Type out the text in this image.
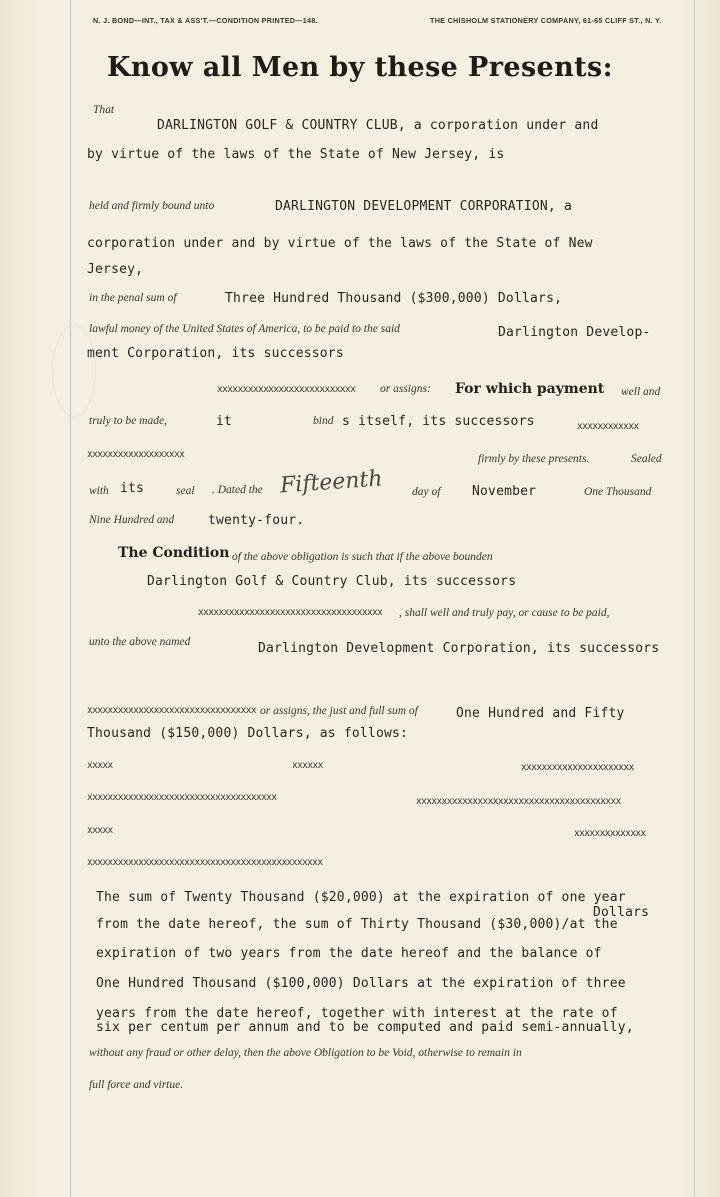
N. J. BOND—INT., TAX & ASS'T.—CONDITION PRINTED—148.	THE CHISHOLM STATIONERY COMPANY, 61-65 CLIFF ST., N. Y.
Know all Men by these Presents:
That
DARLINGTON GOLF & COUNTRY CLUB, a corporation under and
by virtue of the laws of the State of New Jersey, is
held and firmly bound unto	DARLINGTON DEVELOPMENT CORPORATION, a
corporation under and by virtue of the laws of the State of New
Jersey,
in the penal sum of	Three Hundred Thousand ($300,000) Dollars,
lawful money of the United States of America, to be paid to the said	Darlington Develop-
ment Corporation, its successors
xxxxxxxxxxxxxxxxxxxxxxxxxxx	or assigns: For which payment well and
truly to be made,	it	bind s itself, its successors	xxxxxxxxxxxx
xxxxxxxxxxxxxxxxxxx	firmly by these presents.	Sealed
with its	seal . Dated the Fifteenth day of November	One Thousand
Nine Hundred and	twenty-four.
The Condition of the above obligation is such that if the above bounden
Darlington Golf & Country Club, its successors
xxxxxxxxxxxxxxxxxxxxxxxxxxxxxxxxxxxx	, shall well and truly pay, or cause to be paid,
unto the above named	Darlington Development Corporation, its successors
xxxxxxxxxxxxxxxxxxxxxxxxxxxxxxxxx or assigns, the just and full sum of	One Hundred and Fifty
Thousand ($150,000) Dollars, as follows:
xxxxx	xxxxxx	xxxxxxxxxxxxxxxxxxxxxx
xxxxxxxxxxxxxxxxxxxxxxxxxxxxxxxxxxxxx	xxxxxxxxxxxxxxxxxxxxxxxxxxxxxxxxxxxxxxxx
xxxxx	xxxxxxxxxxxxxx
xxxxxxxxxxxxxxxxxxxxxxxxxxxxxxxxxxxxxxxxxxxxxx
The sum of Twenty Thousand ($20,000) at the expiration of one year
Dollars
from the date hereof, the sum of Thirty Thousand ($30,000)/at the
expiration of two years from the date hereof and the balance of
One Hundred Thousand ($100,000) Dollars at the expiration of three
years from the date hereof, together with interest at the rate of
six per centum per annum and to be computed and paid semi-annually,
without any fraud or other delay, then the above Obligation to be Void, otherwise to remain in
full force and virtue.
